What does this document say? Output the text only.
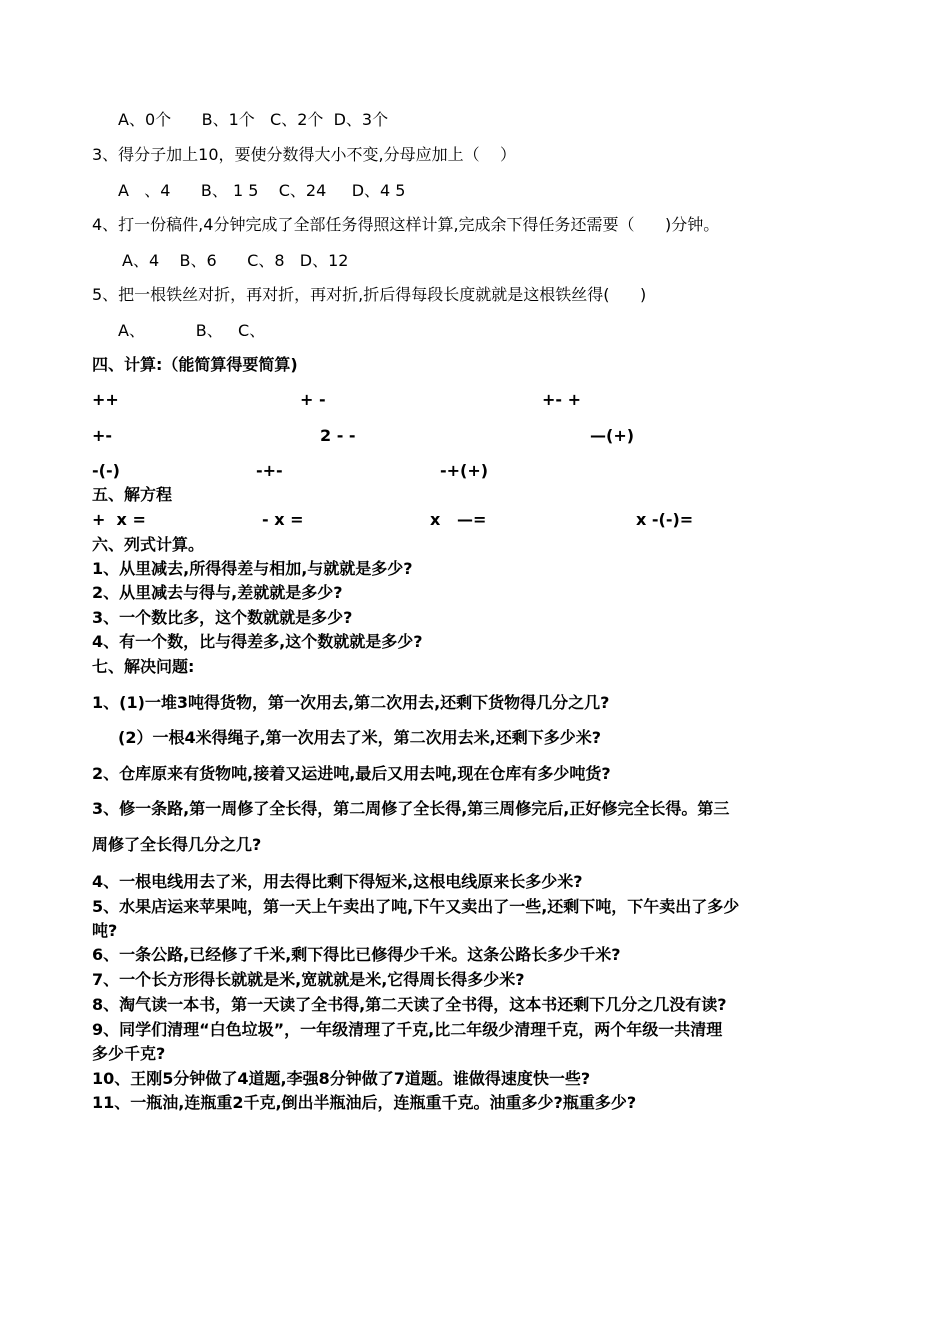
A、0个      B、1个   C、2个  D、3个
3、得分子加上10，要使分数得大小不变,分母应加上（    ）
A   、4      B、 1 5    C、24     D、4 5
4、打一份稿件,4分钟完成了全部任务得照这样计算,完成余下得任务还需要（      )分钟。
A、4    B、6      C、8   D、12
5、把一根铁丝对折，再对折，再对折,折后得每段长度就就是这根铁丝得(      )
A、          B、   C、
四、计算:（能简算得要简算)
++	+ -	+- +
+-	2 - -	—(+)
-(-)	-+-	-+(+)
五、解方程
+  x =	- x =	x   —=	x -(-)=
六、列式计算。
1、从里减去,所得得差与相加,与就就是多少?
2、从里减去与得与,差就就是多少?
3、一个数比多，这个数就就是多少?
4、有一个数，比与得差多,这个数就就是多少?
七、解决问题:
1、(1)一堆3吨得货物，第一次用去,第二次用去,还剩下货物得几分之几?
(2）一根4米得绳子,第一次用去了米，第二次用去米,还剩下多少米?
2、仓库原来有货物吨,接着又运进吨,最后又用去吨,现在仓库有多少吨货?
3、修一条路,第一周修了全长得，第二周修了全长得,第三周修完后,正好修完全长得。第三
周修了全长得几分之几?
4、一根电线用去了米，用去得比剩下得短米,这根电线原来长多少米?
5、水果店运来苹果吨，第一天上午卖出了吨,下午又卖出了一些,还剩下吨，下午卖出了多少
吨?
6、一条公路,已经修了千米,剩下得比已修得少千米。这条公路长多少千米?
7、一个长方形得长就就是米,宽就就是米,它得周长得多少米?
8、淘气读一本书，第一天读了全书得,第二天读了全书得，这本书还剩下几分之几没有读?
9、同学们清理“白色垃圾”，一年级清理了千克,比二年级少清理千克，两个年级一共清理
多少千克?
10、王刚5分钟做了4道题,李强8分钟做了7道题。谁做得速度快一些?
11、一瓶油,连瓶重2千克,倒出半瓶油后，连瓶重千克。油重多少?瓶重多少?
